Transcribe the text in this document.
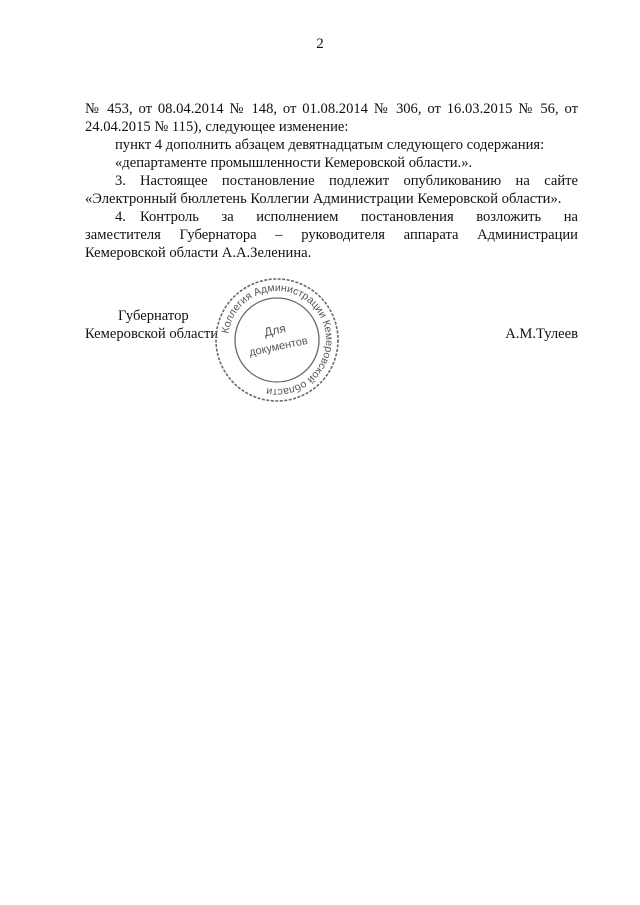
2
№ 453, от 08.04.2014 № 148, от 01.08.2014 № 306, от 16.03.2015 № 56, от
24.04.2015 № 115), следующее изменение:
пункт 4 дополнить абзацем девятнадцатым следующего содержания:
«департаменте промышленности Кемеровской области.».
3. Настоящее постановление подлежит опубликованию на сайте
«Электронный бюллетень Коллегии Администрации Кемеровской области».
4. Контроль за исполнением постановления возложить на
заместителя Губернатора – руководителя аппарата Администрации
Кемеровской области А.А.Зеленина.
Губернатор
Кемеровской области	А.М.Тулеев
Коллегия Администрации Кемеровской области
Для
документов
